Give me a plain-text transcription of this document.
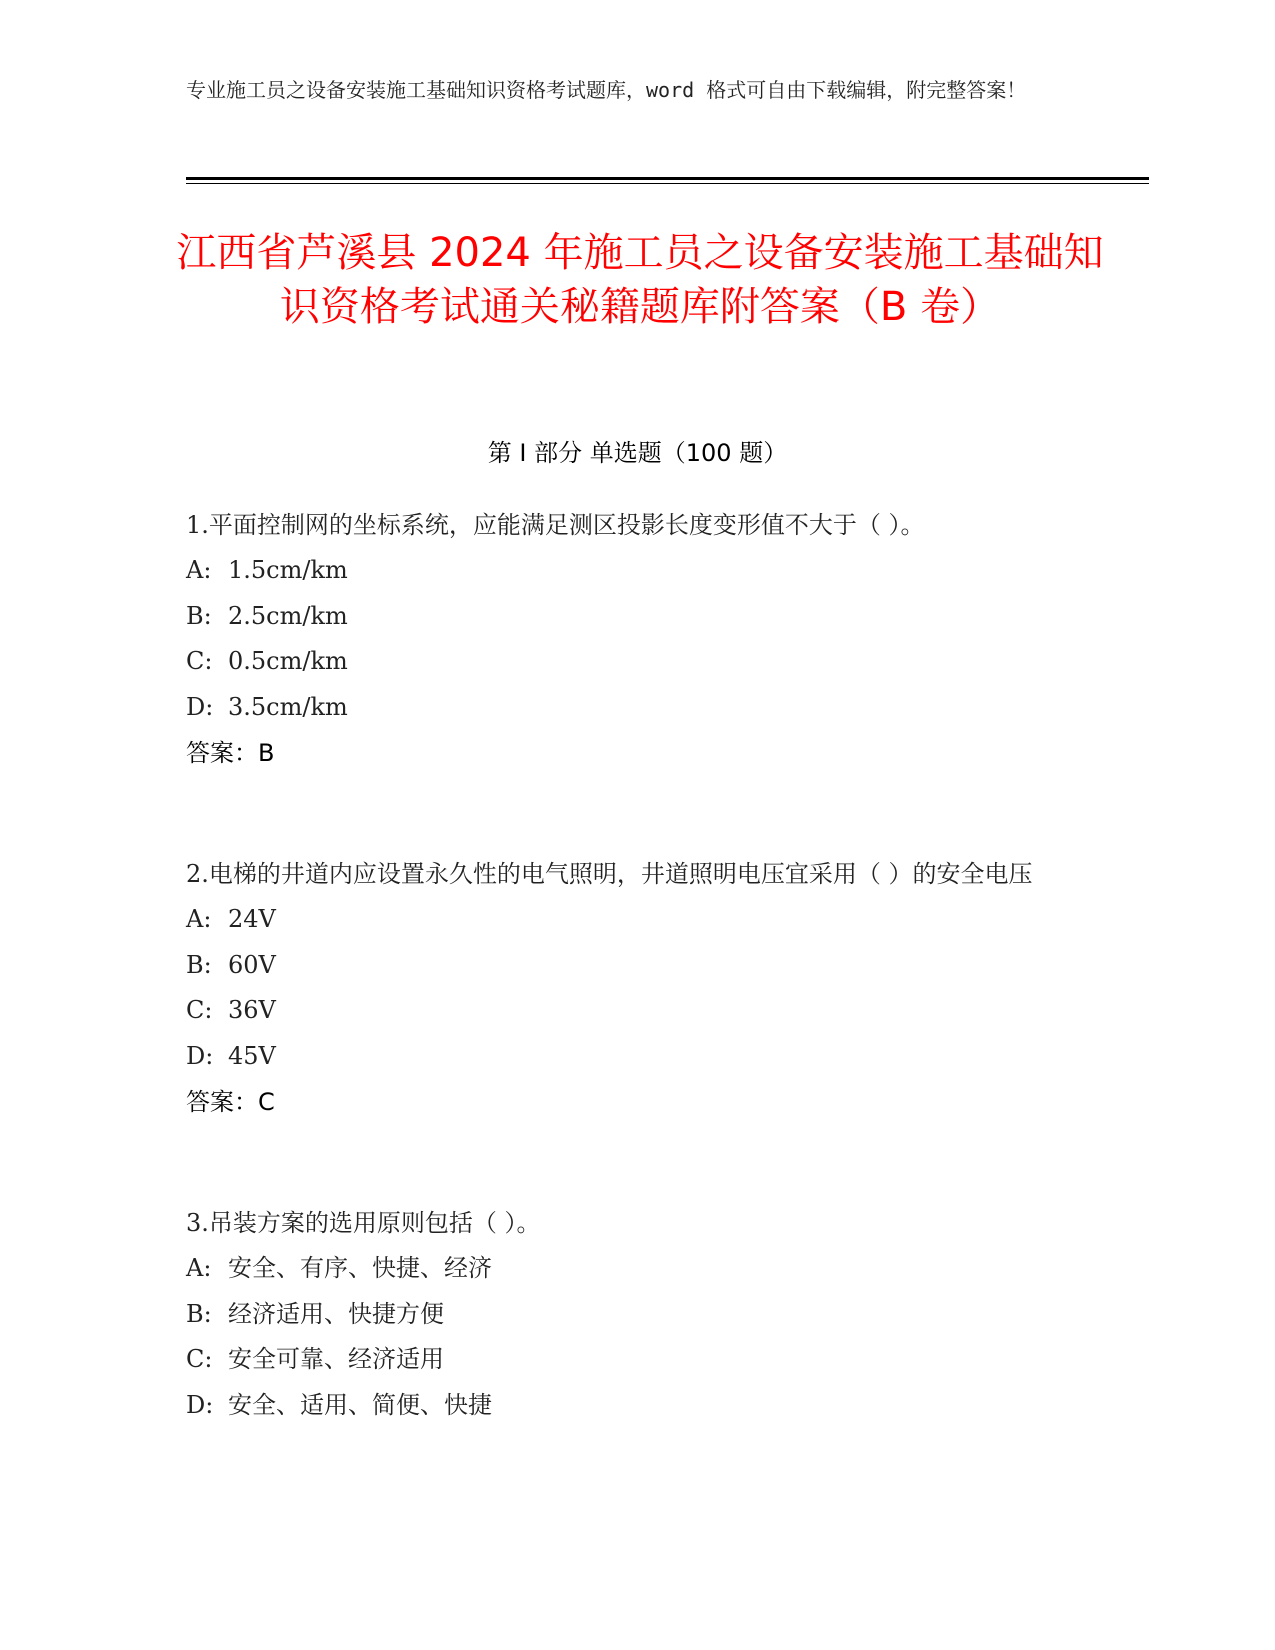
专业施工员之设备安装施工基础知识资格考试题库，word 格式可自由下载编辑，附完整答案！
江西省芦溪县 2024 年施工员之设备安装施工基础知识资格考试通关秘籍题库附答案（B 卷）
第 I 部分 单选题（100 题）
1.平面控制网的坐标系统，应能满足测区投影长度变形值不大于（ ）。
A: 1.5cm/km
B: 2.5cm/km
C: 0.5cm/km
D: 3.5cm/km
答案：B
2.电梯的井道内应设置永久性的电气照明，井道照明电压宜采用（ ）的安全电压
A: 24V
B: 60V
C: 36V
D: 45V
答案：C
3.吊装方案的选用原则包括（ ）。
A: 安全、有序、快捷、经济
B: 经济适用、快捷方便
C: 安全可靠、经济适用
D: 安全、适用、简便、快捷
